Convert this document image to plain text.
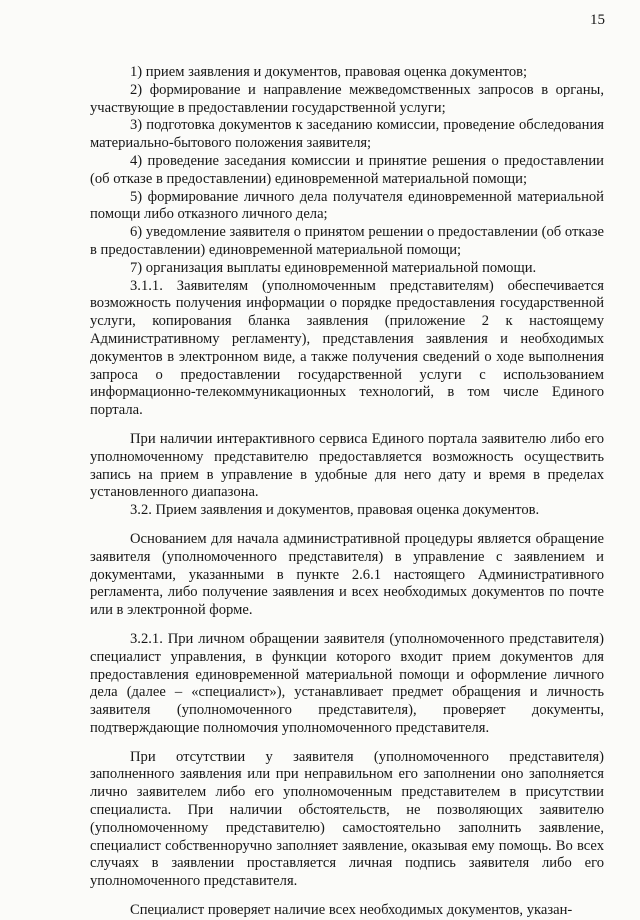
15

1) прием заявления и документов, правовая оценка документов;

2) формирование и направление межведомственных запросов в органы, участвующие в предоставлении государственной услуги;

3) подготовка документов к заседанию комиссии, проведение обследования материально-бытового положения заявителя;

4) проведение заседания комиссии и принятие решения о предоставлении (об отказе в предоставлении) единовременной материальной помощи;

5) формирование личного дела получателя единовременной материальной помощи либо отказного личного дела;

6) уведомление заявителя о принятом решении о предоставлении (об отказе в предоставлении) единовременной материальной помощи;

7) организация выплаты единовременной материальной помощи.

3.1.1. Заявителям (уполномоченным представителям) обеспечивается возможность получения информации о порядке предоставления государственной услуги, копирования бланка заявления (приложение 2 к настоящему Административному регламенту), представления заявления и необходимых документов в электронном виде, а также получения сведений о ходе выполнения запроса о предоставлении государственной услуги с использованием информационно-телекоммуникационных технологий, в том числе Единого портала.

При наличии интерактивного сервиса Единого портала заявителю либо его уполномоченному представителю предоставляется возможность осуществить запись на прием в управление в удобные для него дату и время в пределах установленного диапазона.

3.2. Прием заявления и документов, правовая оценка документов.

Основанием для начала административной процедуры является обращение заявителя (уполномоченного представителя) в управление с заявлением и документами, указанными в пункте 2.6.1 настоящего Административного регламента, либо получение заявления и всех необходимых документов по почте или в электронной форме.

3.2.1. При личном обращении заявителя (уполномоченного представителя) специалист управления, в функции которого входит прием документов для предоставления единовременной материальной помощи и оформление личного дела (далее – «специалист»), устанавливает предмет обращения и личность заявителя (уполномоченного представителя), проверяет документы, подтверждающие полномочия уполномоченного представителя.

При отсутствии у заявителя (уполномоченного представителя) заполненного заявления или при неправильном его заполнении оно заполняется лично заявителем либо его уполномоченным представителем в присутствии специалиста. При наличии обстоятельств, не позволяющих заявителю (уполномоченному представителю) самостоятельно заполнить заявление, специалист собственноручно заполняет заявление, оказывая ему помощь. Во всех случаях в заявлении проставляется личная подпись заявителя либо его уполномоченного представителя.

Специалист проверяет наличие всех необходимых документов, указан-
